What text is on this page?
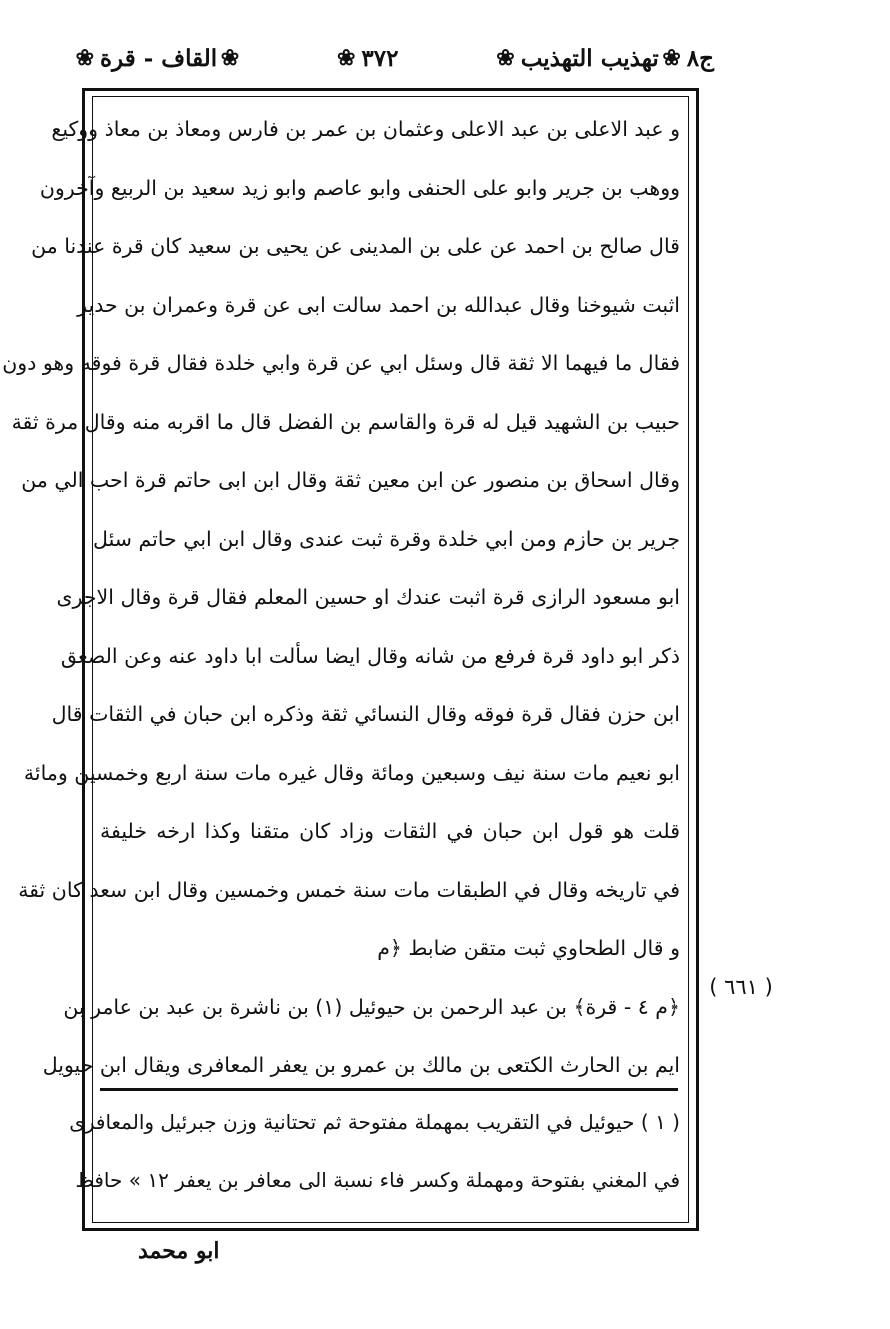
ج٨
❀
تهذيب التهذيب
❀
٣٧٢
❀
❀
القاف - قرة
❀
و عبد الاعلى بن عبد الاعلى وعثمان بن عمر بن فارس ومعاذ بن معاذ ووكيع
ووهب بن جرير وابو على الحنفى وابو عاصم وابو زيد سعيد بن الربيع وآخرون
قال صالح بن احمد عن على بن المدينى عن يحيى بن سعيد كان قرة عندنا من
اثبت شيوخنا وقال عبدالله بن احمد سالت ابى عن قرة وعمران بن حدير
فقال ما فيهما الا ثقة قال وسئل ابي عن قرة وابي خلدة فقال قرة فوقه وهو دون
حبيب بن الشهيد قيل له قرة والقاسم بن الفضل قال ما اقربه منه وقال مرة ثقة
وقال اسحاق بن منصور عن ابن معين ثقة وقال ابن ابى حاتم قرة احب الي من
جرير بن حازم ومن ابي خلدة وقرة ثبت عندى وقال ابن ابي حاتم سئل
ابو مسعود الرازى قرة اثبت عندك او حسين المعلم فقال قرة وقال الاجرى
ذكر ابو داود قرة فرفع من شانه وقال ايضا سألت ابا داود عنه وعن الصعق
ابن حزن فقال قرة فوقه وقال النسائي ثقة وذكره ابن حبان في الثقات قال
ابو نعيم مات سنة نيف وسبعين ومائة وقال غيره مات سنة اربع وخمسين ومائة
قلت هو قول ابن حبان في الثقات وزاد كان متقنا وكذا ارخه خليفة
في تاريخه وقال في الطبقات مات سنة خمس وخمسين وقال ابن سعد كان ثقة
و قال الطحاوي ثبت متقن ضابط ﴿م
﴿م ٤ - قرة﴾ بن عبد الرحمن بن حيوئيل (١) بن ناشرة بن عبد بن عامر بن
ايم بن الحارث الكتعى بن مالك بن عمرو بن يعفر المعافرى ويقال ابن حيويل
( ٦٦١ )
( ١ ) حيوئيل في التقريب بمهملة مفتوحة ثم تحتانية وزن جبرئيل والمعافرى
في المغني بفتوحة ومهملة وكسر فاء نسبة الى معافر بن يعفر ١٢ » حافظ
ابو محمد
